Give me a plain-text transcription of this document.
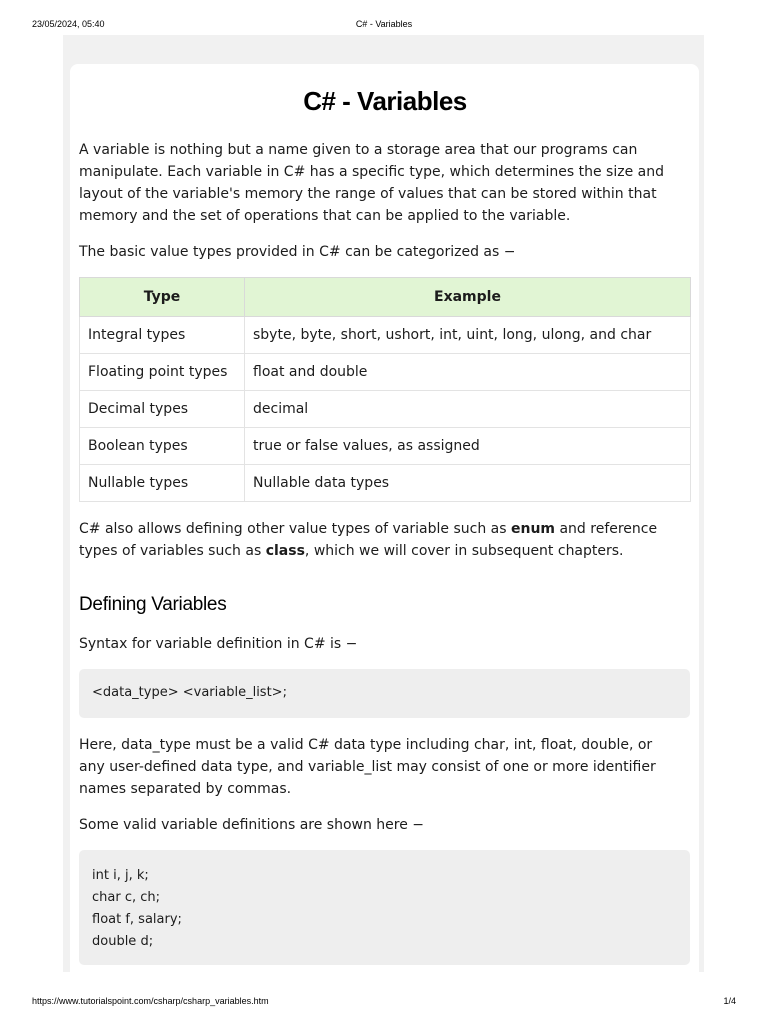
23/05/2024, 05:40	C# - Variables
C# - Variables

A variable is nothing but a name given to a storage area that our programs can manipulate. Each variable in C# has a specific type, which determines the size and layout of the variable's memory the range of values that can be stored within that memory and the set of operations that can be applied to the variable.

The basic value types provided in C# can be categorized as −

Type	Example
Integral types	sbyte, byte, short, ushort, int, uint, long, ulong, and char
Floating point types	float and double
Decimal types	decimal
Boolean types	true or false values, as assigned
Nullable types	Nullable data types

C# also allows defining other value types of variable such as enum and reference types of variables such as class, which we will cover in subsequent chapters.

Defining Variables

Syntax for variable definition in C# is −

<data_type> <variable_list>;

Here, data_type must be a valid C# data type including char, int, float, double, or any user-defined data type, and variable_list may consist of one or more identifier names separated by commas.

Some valid variable definitions are shown here −

int i, j, k;
char c, ch;
float f, salary;
double d;
https://www.tutorialspoint.com/csharp/csharp_variables.htm	1/4
